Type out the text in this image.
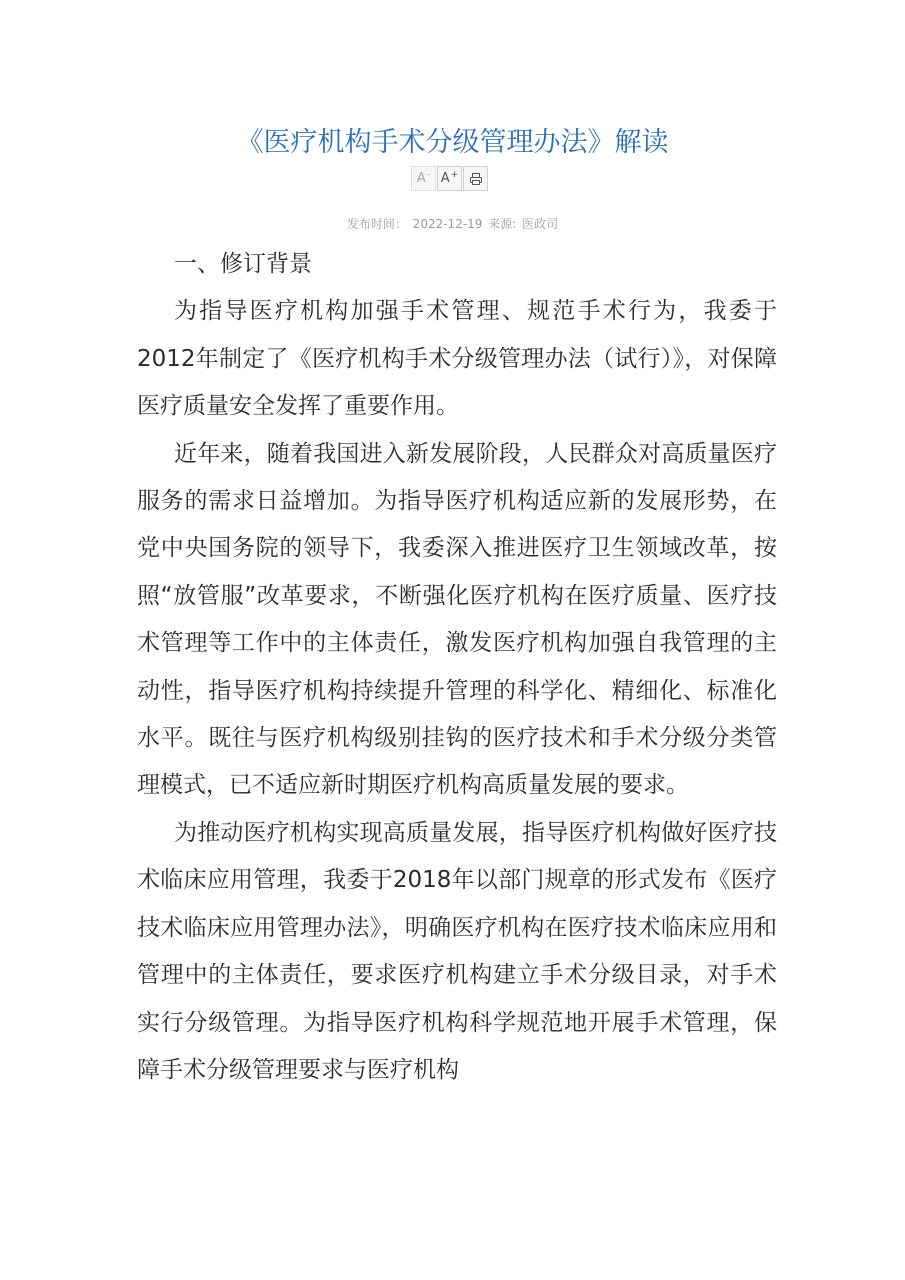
《医疗机构手术分级管理办法》解读
A- A+
发布时间： 2022-12-19 来源: 医政司

一、修订背景

为指导医疗机构加强手术管理、规范手术行为，我委于2012年制定了《医疗机构手术分级管理办法（试行）》，对保障医疗质量安全发挥了重要作用。

近年来，随着我国进入新发展阶段，人民群众对高质量医疗服务的需求日益增加。为指导医疗机构适应新的发展形势，在党中央国务院的领导下，我委深入推进医疗卫生领域改革，按照“放管服”改革要求，不断强化医疗机构在医疗质量、医疗技术管理等工作中的主体责任，激发医疗机构加强自我管理的主动性，指导医疗机构持续提升管理的科学化、精细化、标准化水平。既往与医疗机构级别挂钩的医疗技术和手术分级分类管理模式，已不适应新时期医疗机构高质量发展的要求。

为推动医疗机构实现高质量发展，指导医疗机构做好医疗技术临床应用管理，我委于2018年以部门规章的形式发布《医疗技术临床应用管理办法》，明确医疗机构在医疗技术临床应用和管理中的主体责任，要求医疗机构建立手术分级目录，对手术实行分级管理。为指导医疗机构科学规范地开展手术管理，保障手术分级管理要求与医疗机构
